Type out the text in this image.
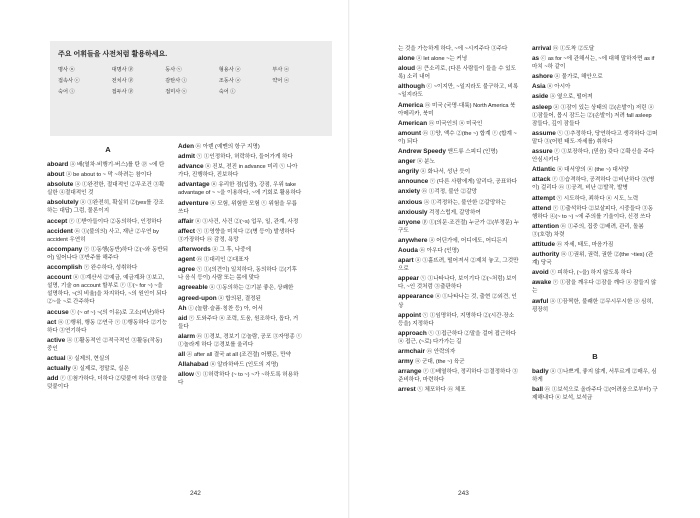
주요 어휘들을 사전처럼 활용하세요.
명사 ⓝ	대명사 ⓟ	동사 ⓥ	형용사 ⓐ	부사 ⓐ
접속사 ⓒ	전치사 ⓟ	감탄사 ⓘ	조동사 ⓐ	약어 ⓐ
숙어 ⓘ	접두사 ⓟ	접미사 ⓢ	숙어 ⓘ
A
aboard ⓐ 배(열차·비행기·버스)를 탄 ⓟ ~에 탄
about ⓐ be about to ~ 막 ~하려는 참이다
absolute ⓐ ①완전한, 절대적인 ②무조건 ③확실한 ④절대적인 것
absolutely ⓐ ①완전히, 확실히 ②(yes를 강조하는 대답) 그럼, 물론이지
accept ⓥ ①받아들이다 ②동의하다, 인정하다
accident ⓝ ①(불의의) 사고, 재난 ②우연 by accident 우연히
accompany ⓥ ①동행(동반)하다 ②(~와 동반되어) 일어나다 ③반주를 해주다
accomplish ⓥ 완수하다, 성취하다
account ⓝ ①계산서 ②예금, 예금계좌 ③보고, 설명, 기술 on account 할부로 ⓥ ①(~ for ~) ~을 설명하다, ~(의 비율)을 차지하다, ~의 원인이 되다 ②~을 ~로 간주하다
accuse ⓥ (~ of ~) ~(의 이유)로 고소(비난)하다
act ⓝ ①행위, 행동 ②연극 ⓥ ①행동하다 ②기능하다 ③연기하다
active ⓐ ①활동적인 ②적극적인 ③활동(작동) 중인
actual ⓐ 실제의, 현실의
actually ⓐ 실제로, 정말로, 실은
add ⓥ ①첨가하다, 더하다 ②덧붙여 하다 ③말을 덧붙이다
Aden ⓝ 아덴 (예멘의 항구 지명)
admit ⓥ ①인정하다, 허락하다, 들어가게 하다
advance ⓝ 진보, 전진 in advance 미리 ⓥ 나아가다, 진행하다, 진보하다
advantage ⓝ 유리한 점(입장), 강점, 우위 take advantage of ~ ~을 이용하다, ~에 기회로 활용하다
adventure ⓝ 모험, 위험한 모험 ⓥ 위험을 무릅쓰다
affair ⓝ ①사건, 사건 ②(~s) 업무, 일, 관계, 사정
affect ⓥ ①영향을 미치다 ②(병 등이) 발생하다 ③가장하다 ⓝ 감정, 욕망
afterwords ⓐ 그 후, 나중에
agent ⓝ ①대리인 ②대표자
agree ⓥ ①(의견이) 일치하다, 동의하다 ②(기후나 음식 등이) 사람 또는 몸에 맞다
agreeable ⓐ ①동의하는 ②기분 좋은, 상쾌한
agreed-upon ⓐ 합의된, 결정된
Ah ⓘ (놀람·슬픔·칭찬 등) 아, 어서
aid ⓥ 도와주다 ⓝ 조력, 도움, 원조하다, 돕다, 거들다
alarm ⓝ ①경보, 경보기 ②놀람, 공포 ③자명종 ⓥ ①놀라게 하다 ②경보를 울리다
all ⓐ after all 결국 at all (조건절) 어쨌든, 만약
Allahabad ⓝ 알라하바드 (인도의 지명)
allow ⓥ ①허락하다 (~ to ~) ~가 ~하도록 허용하다
242
는 것을 가능하게 하다, ~에 ~시켜주다 ③주다
alone ⓐ let alone ~는 커녕
aloud ⓐ 큰소리로, (다른 사람들이 들을 수 있도록) 소리 내어
although ⓒ ~이지만, ~일지라도 불구하고, 비록 ~일지라도
America ⓝ 미국 (국명·대륙) North America 북아메리카, 북미
American ⓝ 미국인의 ⓝ 미국인
amount ⓝ ①양, 액수 ②(the ~) 합계 ⓥ (합계 ~이) 되다
Andrew Speedy 앤드류 스피디 (인명)
anger ⓝ 분노
angrily ⓐ 화나서, 성난 듯이
announce ⓥ (다른 사람에게) 알리다, 공표하다
anxiety ⓝ ①걱정, 불안 ②갈망
anxious ⓐ ①걱정하는, 불안한 ②갈망하는
anxiously 걱정스럽게, 갈망하여
anyone ⓟ ①(의문·조건절) 누군가 ②(부정문) 누구도
anywhere ⓐ 어딘가에, 어디에도, 어디든지
Aouda ⓝ 아우다 (인명)
apart ⓐ ①흩뜨려, 떨어져서 ②제치 놓고, 그것만으로
appear ⓥ ①나타나다, 보이기다 ②(~처럼) 보이다, ~인 것처럼 ③출판하다
appearance ⓝ ①나타나는 것, 출현 ②외견, 인상
appoint ⓥ ①임명하다, 지명하다 ②(시간·장소 등을) 지정하다
approach ⓥ ①접근하다 ②말을 걸어 접근하다 ⓝ 접근, (~로) 다가가는 길
armchair ⓝ 안락의자
army ⓝ 군대, (the ~) 육군
arrange ⓥ ①배열하다, 정리하다 ②결정하다 ③준비하다, 마련하다
arrest ⓥ 체포하다 ⓝ 체포
arrival ⓝ ①도착 ②도달
as ⓒ as for ~에 관해서는, ~에 대해 말하자면 as if 마치 ~하 같이
ashore ⓐ 물가로, 해안으로
Asia ⓝ 아시아
aside ⓐ 옆으로, 떨어져
asleep ⓐ ①잠이 있는 상태의 ②(손발이) 저린 ⓐ ①잠들어, 몹시 잠드는 ②(손발이) 저려 fall asleep 잠들다, 깊이 잠들다
assume ⓥ ①추정하다, 당연하다고 생각하다 ②떠맡다 ③(어떤 태도·자세를) 취하다
assure ⓥ ①보장하다, (믿음) 갖다 ②확신을 주다 안심시키다
Atlantic ⓝ 대서양의 ⓝ (the ~) 대서양
attack ⓥ ①습격하다, 공격하다 ②비난하다 ③(병이) 걸리다 ⓝ ①공격, 비난 ②발작, 발병
attempt ⓥ 시도하다, 꾀하다 ⓝ 시도, 노력
attend ⓥ ①출석하다 ②보살피다, 시중들다 ③동행하다 ④(~ to ~) ~에 주의를 기울이다, 신경 쓰다
attention ⓝ ①주의, 집중 ②배려, 관리, 돌봄 ③(호령) 차렷
attitude ⓝ 자세, 태도, 마음가짐
authority ⓝ ①권위, 권력, 권한 ②(the ~ties) (관계) 당국
avoid ⓥ 피하다, (~을) 하지 않도록 하다
awake ⓥ ①잠을 깨우다 ②잠을 깨다 ⓐ 잠들지 않는
awful ⓐ ①끔찍한, 불쾌한 ②무시무시한 ⓐ 심히, 굉장히
B
badly ⓐ ①나쁘게, 좋지 않게, 서투르게 ②매우, 심하게
ball ⓝ ①보석으로 올라주다 ②(어려움으로부터) 구제해내다 ⓝ 보석, 보석금
243
